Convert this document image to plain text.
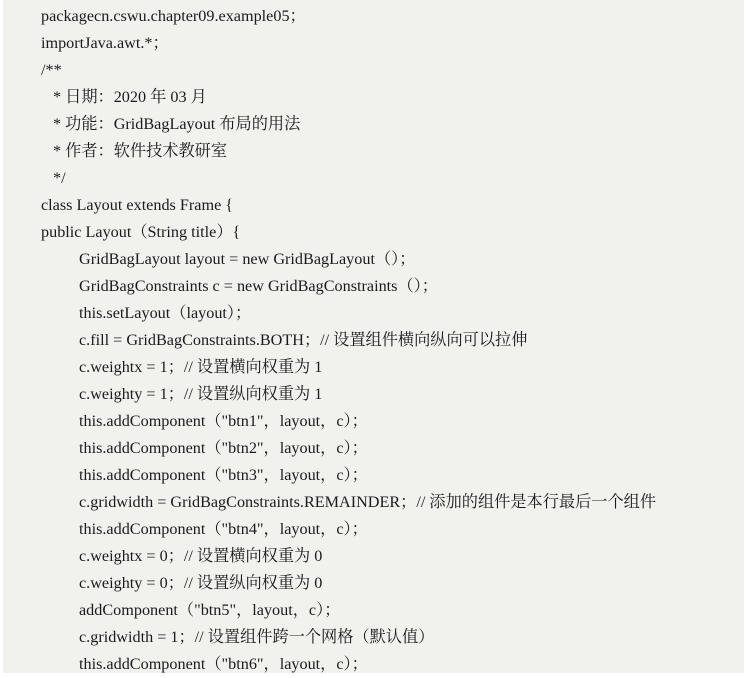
packagecn.cswu.chapter09.example05；
importJava.awt.*；
/**
* 日期：2020 年 03 月
* 功能：GridBagLayout 布局的用法
* 作者：软件技术教研室
*/
class Layout extends Frame {
public Layout（String title）{
GridBagLayout layout = new GridBagLayout（）；
GridBagConstraints c = new GridBagConstraints（）；
this.setLayout（layout）；
c.fill = GridBagConstraints.BOTH；// 设置组件横向纵向可以拉伸
c.weightx = 1；// 设置横向权重为 1
c.weighty = 1；// 设置纵向权重为 1
this.addComponent（"btn1"，layout，c）；
this.addComponent（"btn2"，layout，c）；
this.addComponent（"btn3"，layout，c）；
c.gridwidth = GridBagConstraints.REMAINDER；// 添加的组件是本行最后一个组件
this.addComponent（"btn4"，layout，c）；
c.weightx = 0；// 设置横向权重为 0
c.weighty = 0；// 设置纵向权重为 0
addComponent（"btn5"，layout，c）；
c.gridwidth = 1；// 设置组件跨一个网格（默认值）
this.addComponent（"btn6"，layout，c）；
